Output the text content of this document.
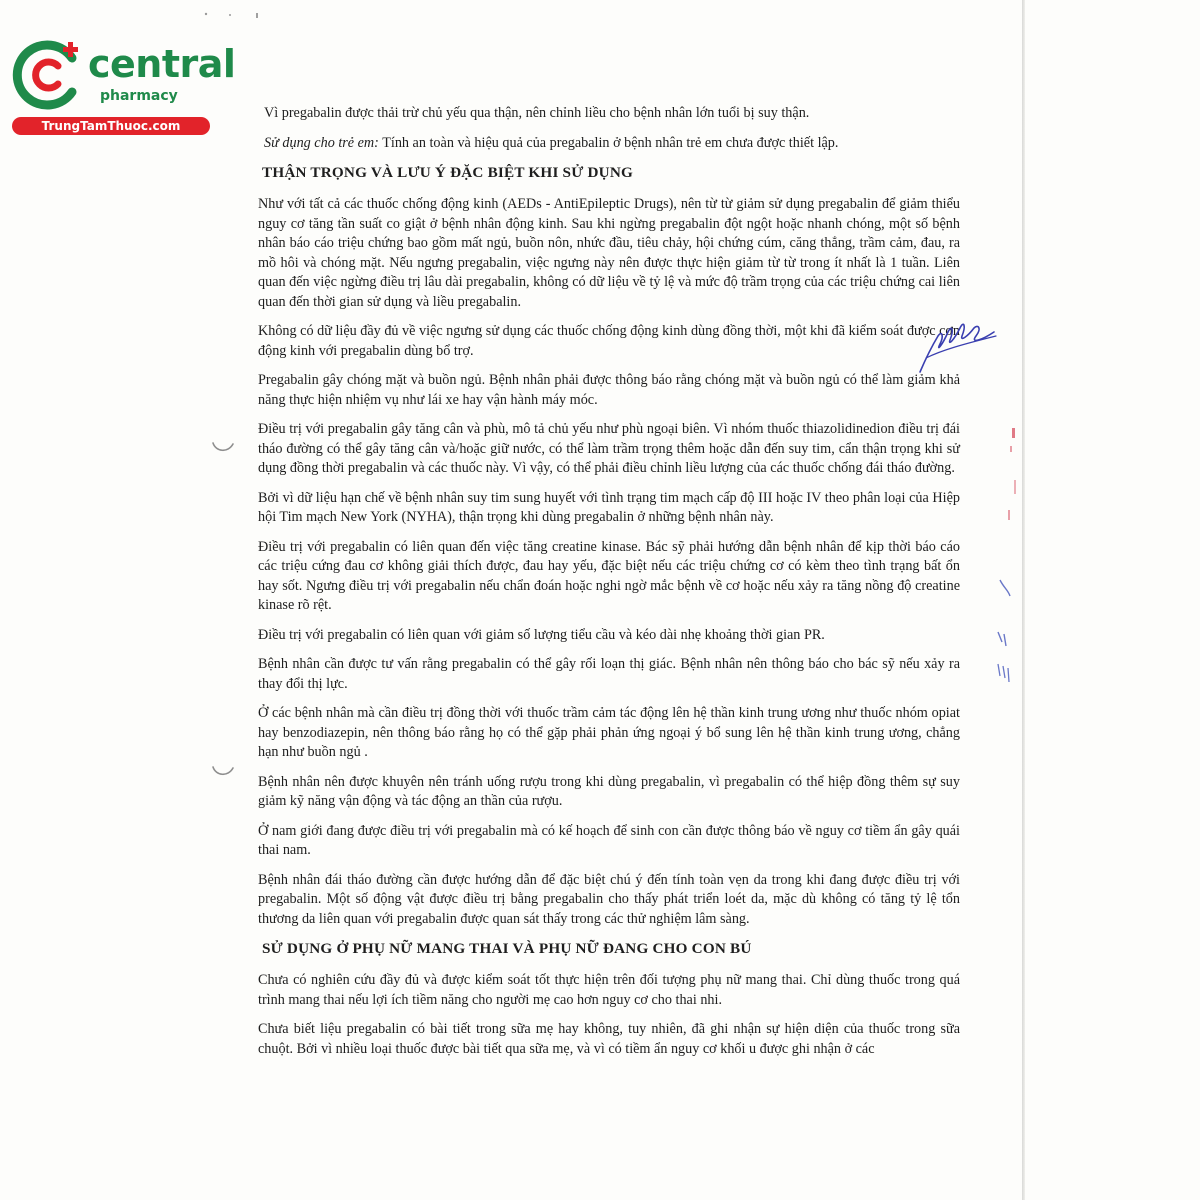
central
pharmacy
TrungTamThuoc.com

Vì pregabalin được thải trừ chủ yếu qua thận, nên chỉnh liều cho bệnh nhân lớn tuổi bị suy thận.

Sử dụng cho trẻ em: Tính an toàn và hiệu quả của pregabalin ở bệnh nhân trẻ em chưa được thiết lập.

THẬN TRỌNG VÀ LƯU Ý ĐẶC BIỆT KHI SỬ DỤNG

Như với tất cả các thuốc chống động kinh (AEDs - AntiEpileptic Drugs), nên từ từ giảm sử dụng pregabalin để giảm thiểu nguy cơ tăng tần suất co giật ở bệnh nhân động kinh. Sau khi ngừng pregabalin đột ngột hoặc nhanh chóng, một số bệnh nhân báo cáo triệu chứng bao gồm mất ngủ, buồn nôn, nhức đầu, tiêu chảy, hội chứng cúm, căng thẳng, trầm cảm, đau, ra mồ hôi và chóng mặt. Nếu ngưng pregabalin, việc ngưng này nên được thực hiện giảm từ từ trong ít nhất là 1 tuần. Liên quan đến việc ngừng điều trị lâu dài pregabalin, không có dữ liệu về tỷ lệ và mức độ trầm trọng của các triệu chứng cai liên quan đến thời gian sử dụng và liều pregabalin.

Không có dữ liệu đầy đủ về việc ngưng sử dụng các thuốc chống động kinh dùng đồng thời, một khi đã kiểm soát được cơn động kinh với pregabalin dùng bổ trợ.

Pregabalin gây chóng mặt và buồn ngủ. Bệnh nhân phải được thông báo rằng chóng mặt và buồn ngủ có thể làm giảm khả năng thực hiện nhiệm vụ như lái xe hay vận hành máy móc.

Điều trị với pregabalin gây tăng cân và phù, mô tả chủ yếu như phù ngoại biên. Vì nhóm thuốc thiazolidinedion điều trị đái tháo đường có thể gây tăng cân và/hoặc giữ nước, có thể làm trầm trọng thêm hoặc dẫn đến suy tim, cẩn thận trọng khi sử dụng đồng thời pregabalin và các thuốc này. Vì vậy, có thể phải điều chỉnh liều lượng của các thuốc chống đái tháo đường.

Bởi vì dữ liệu hạn chế về bệnh nhân suy tim sung huyết với tình trạng tim mạch cấp độ III hoặc IV theo phân loại của Hiệp hội Tim mạch New York (NYHA), thận trọng khi dùng pregabalin ở những bệnh nhân này.

Điều trị với pregabalin có liên quan đến việc tăng creatine kinase. Bác sỹ phải hướng dẫn bệnh nhân để kịp thời báo cáo các triệu cứng đau cơ không giải thích được, đau hay yếu, đặc biệt nếu các triệu chứng cơ có kèm theo tình trạng bất ổn hay sốt. Ngưng điều trị với pregabalin nếu chẩn đoán hoặc nghi ngờ mắc bệnh về cơ hoặc nếu xảy ra tăng nồng độ creatine kinase rõ rệt.

Điều trị với pregabalin có liên quan với giảm số lượng tiểu cầu và kéo dài nhẹ khoảng thời gian PR.

Bệnh nhân cần được tư vấn rằng pregabalin có thể gây rối loạn thị giác. Bệnh nhân nên thông báo cho bác sỹ nếu xảy ra thay đổi thị lực.

Ở các bệnh nhân mà cần điều trị đồng thời với thuốc trầm cảm tác động lên hệ thần kinh trung ương như thuốc nhóm opiat hay benzodiazepin, nên thông báo rằng họ có thể gặp phải phản ứng ngoại ý bổ sung lên hệ thần kinh trung ương, chẳng hạn như buồn ngủ .

Bệnh nhân nên được khuyên nên tránh uống rượu trong khi dùng pregabalin, vì pregabalin có thể hiệp đồng thêm sự suy giảm kỹ năng vận động và tác động an thần của rượu.

Ở nam giới đang được điều trị với pregabalin mà có kế hoạch để sinh con cần được thông báo về nguy cơ tiềm ẩn gây quái thai nam.

Bệnh nhân đái tháo đường cần được hướng dẫn để đặc biệt chú ý đến tính toàn vẹn da trong khi đang được điều trị với pregabalin. Một số động vật được điều trị bằng pregabalin cho thấy phát triển loét da, mặc dù không có tăng tỷ lệ tổn thương da liên quan với pregabalin được quan sát thấy trong các thử nghiệm lâm sàng.

SỬ DỤNG Ở PHỤ NỮ MANG THAI VÀ PHỤ NỮ ĐANG CHO CON BÚ

Chưa có nghiên cứu đầy đủ và được kiểm soát tốt thực hiện trên đối tượng phụ nữ mang thai. Chỉ dùng thuốc trong quá trình mang thai nếu lợi ích tiềm năng cho người mẹ cao hơn nguy cơ cho thai nhi.

Chưa biết liệu pregabalin có bài tiết trong sữa mẹ hay không, tuy nhiên, đã ghi nhận sự hiện diện của thuốc trong sữa chuột. Bởi vì nhiều loại thuốc được bài tiết qua sữa mẹ, và vì có tiềm ẩn nguy cơ khối u được ghi nhận ở các
